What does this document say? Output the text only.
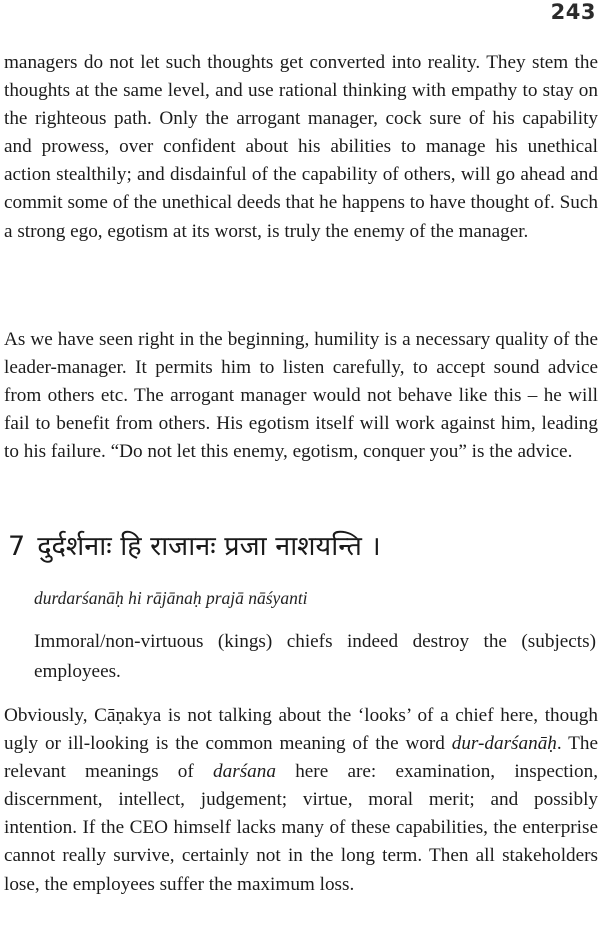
243

managers do not let such thoughts get converted into reality. They stem the thoughts at the same level, and use rational thinking with empathy to stay on the righteous path. Only the arrogant manager, cock sure of his capability and prowess, over confident about his abilities to manage his unethical action stealthily; and disdainful of the capability of others, will go ahead and commit some of the unethical deeds that he happens to have thought of. Such a strong ego, egotism at its worst, is truly the enemy of the manager.

As we have seen right in the beginning, humility is a necessary quality of the leader-manager. It permits him to listen carefully, to accept sound advice from others etc. The arrogant manager would not behave like this – he will fail to benefit from others. His egotism itself will work against him, leading to his failure. “Do not let this enemy, egotism, conquer you” is the advice.

7 दुर्दर्शनाः हि राजानः प्रजा नाशयन्ति ।
durdarśanāḥ hi rājānaḥ prajā nāśyanti

Immoral/non-virtuous (kings) chiefs indeed destroy the (subjects) employees.

Obviously, Cāṇakya is not talking about the ‘looks’ of a chief here, though ugly or ill-looking is the common meaning of the word dur-darśanāḥ. The relevant meanings of darśana here are: examination, inspection, discernment, intellect, judgement; virtue, moral merit; and possibly intention. If the CEO himself lacks many of these capabilities, the enterprise cannot really survive, certainly not in the long term. Then all stakeholders lose, the employees suffer the maximum loss.
